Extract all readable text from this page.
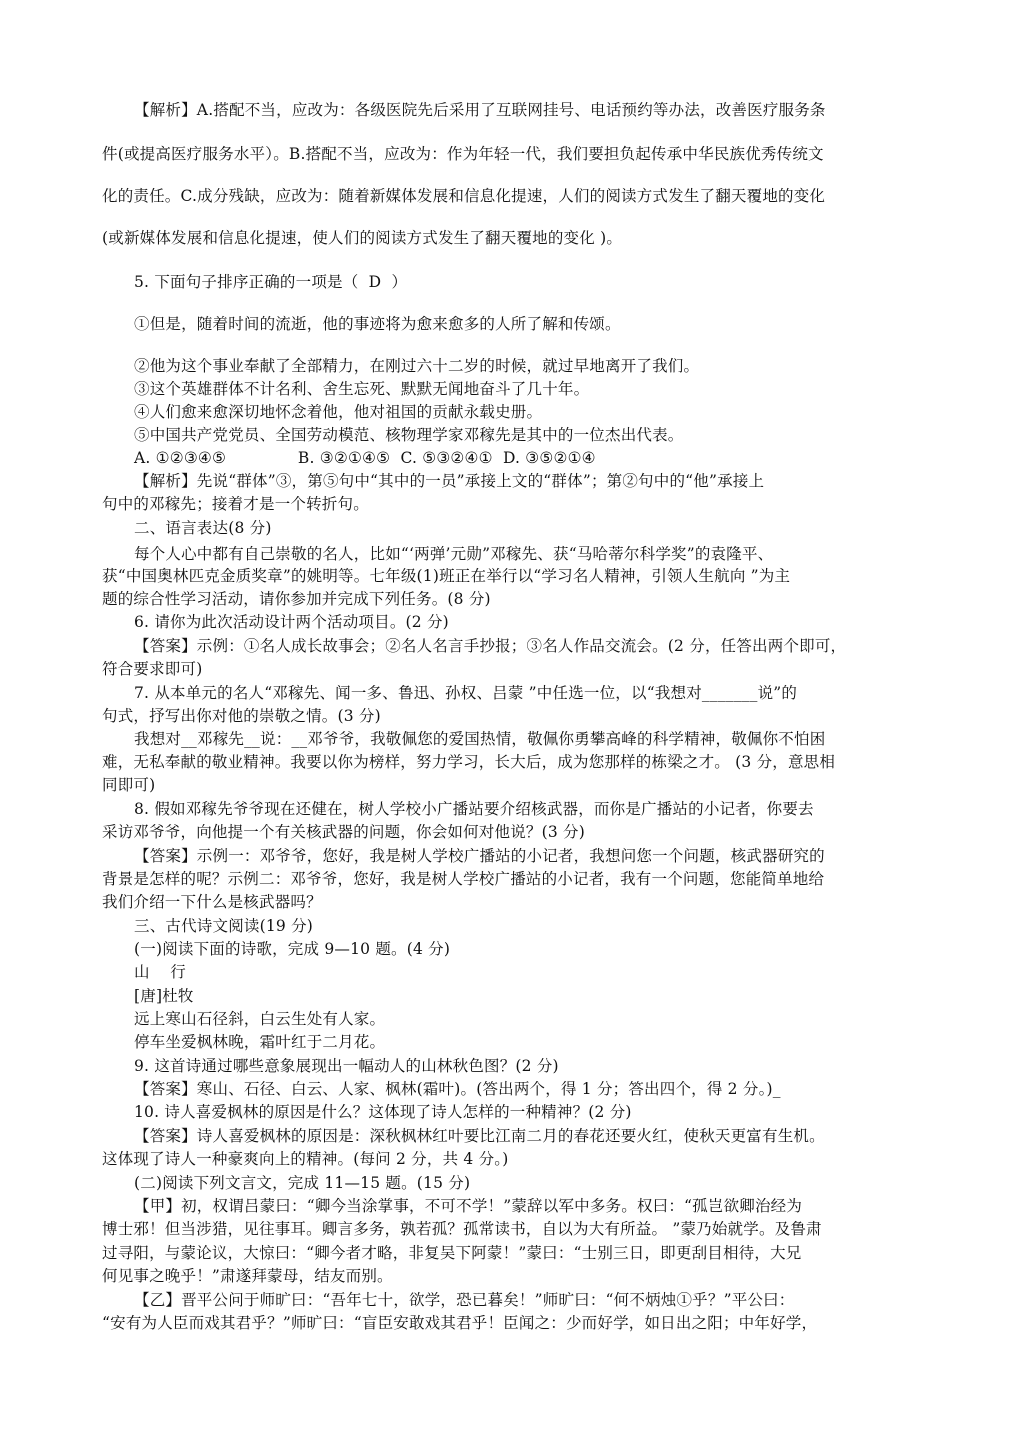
【解析】A.搭配不当，应改为：各级医院先后采用了互联网挂号、电话预约等办法，改善医疗服务条
件(或提高医疗服务水平）。B.搭配不当，应改为：作为年轻一代，我们要担负起传承中华民族优秀传统文
化的责任。C.成分残缺，应改为：随着新媒体发展和信息化提速，人们的阅读方式发生了翻天覆地的变化
(或新媒体发展和信息化提速，使人们的阅读方式发生了翻天覆地的变化 )。
5. 下面句子排序正确的一项是（  D  ）
①但是，随着时间的流逝，他的事迹将为愈来愈多的人所了解和传颂。
②他为这个事业奉献了全部精力，在刚过六十二岁的时候，就过早地离开了我们。
③这个英雄群体不计名利、舍生忘死、默默无闻地奋斗了几十年。
④人们愈来愈深切地怀念着他，他对祖国的贡献永载史册。
⑤中国共产党党员、全国劳动模范、核物理学家邓稼先是其中的一位杰出代表。
A. ①②③④⑤              B. ③②①④⑤  C. ⑤③②④①  D. ③⑤②①④
【解析】先说“群体”③，第⑤句中“其中的一员”承接上文的“群体”；第②句中的“他”承接上
句中的邓稼先；接着才是一个转折句。
二、语言表达(8 分)
每个人心中都有自己崇敬的名人，比如“‘两弹’元勋”邓稼先、获“马哈蒂尔科学奖”的袁隆平、
获“中国奥林匹克金质奖章”的姚明等。七年级(1)班正在举行以“学习名人精神，引领人生航向 ”为主
题的综合性学习活动，请你参加并完成下列任务。(8 分)
6. 请你为此次活动设计两个活动项目。(2 分)
【答案】示例：①名人成长故事会；②名人名言手抄报；③名人作品交流会。(2 分，任答出两个即可，
符合要求即可)
7. 从本单元的名人“邓稼先、闻一多、鲁迅、孙权、吕蒙 ”中任选一位，以“我想对_______说”的
句式，抒写出你对他的崇敬之情。(3 分)
我想对__邓稼先__说：__邓爷爷，我敬佩您的爱国热情，敬佩你勇攀高峰的科学精神，敬佩你不怕困
难，无私奉献的敬业精神。我要以你为榜样，努力学习，长大后，成为您那样的栋梁之才。 (3 分，意思相
同即可)
8. 假如邓稼先爷爷现在还健在，树人学校小广播站要介绍核武器，而你是广播站的小记者，你要去
采访邓爷爷，向他提一个有关核武器的问题，你会如何对他说？(3 分)
【答案】示例一：邓爷爷，您好，我是树人学校广播站的小记者，我想问您一个问题，核武器研究的
背景是怎样的呢？示例二：邓爷爷，您好，我是树人学校广播站的小记者，我有一个问题，您能简单地给
我们介绍一下什么是核武器吗？
三、古代诗文阅读(19 分)
(一)阅读下面的诗歌，完成 9—10 题。(4 分)
山    行
[唐]杜牧
远上寒山石径斜，白云生处有人家。
停车坐爱枫林晚，霜叶红于二月花。
9. 这首诗通过哪些意象展现出一幅动人的山林秋色图？(2 分)
【答案】寒山、石径、白云、人家、枫林(霜叶)。(答出两个，得 1 分；答出四个，得 2 分。)_
10. 诗人喜爱枫林的原因是什么？这体现了诗人怎样的一种精神？(2 分)
【答案】诗人喜爱枫林的原因是：深秋枫林红叶要比江南二月的春花还要火红，使秋天更富有生机。
这体现了诗人一种豪爽向上的精神。(每问 2 分，共 4 分。)
(二)阅读下列文言文，完成 11—15 题。(15 分)
【甲】初，权谓吕蒙曰：“卿今当涂掌事，不可不学！”蒙辞以军中多务。权曰：“孤岂欲卿治经为
博士邪！但当涉猎，见往事耳。卿言多务，孰若孤？孤常读书，自以为大有所益。 ”蒙乃始就学。及鲁肃
过寻阳，与蒙论议，大惊曰：“卿今者才略，非复吴下阿蒙！”蒙曰：“士别三日，即更刮目相待，大兄
何见事之晚乎！”肃遂拜蒙母，结友而别。
【乙】晋平公问于师旷曰：“吾年七十，欲学，恐已暮矣！”师旷曰：“何不炳烛①乎？”平公曰：
“安有为人臣而戏其君乎？”师旷曰：“盲臣安敢戏其君乎！臣闻之：少而好学，如日出之阳；中年好学，
